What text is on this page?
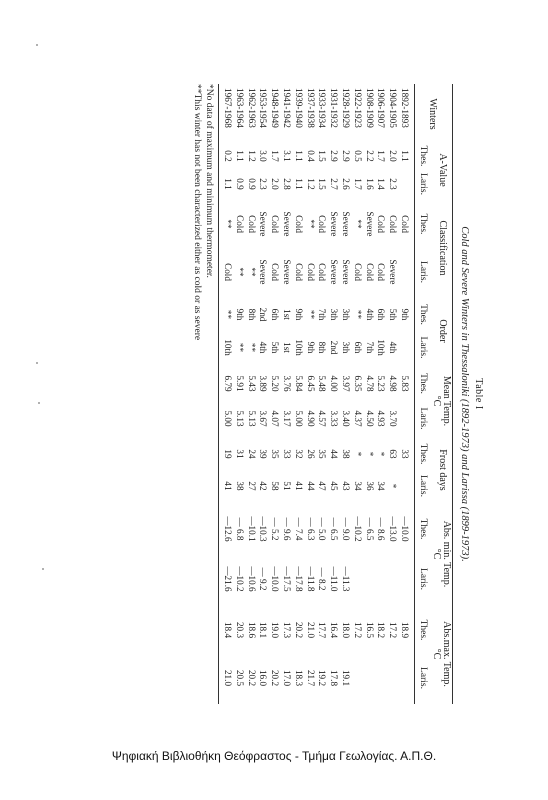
Table I
Cold and Severe Winters in Thessaloniki (1892-1973) and Larissa (1899-1973).
Winters
A-Value
Classification
Order
Mean Temp.
°C
Frost days
Abs. min. Temp.
°C
Abs.max. Temp.
°C
Thes.
Laris.
Thes.
Laris.
Thes.
Laris.
Thes.
Laris.
Thes.
Laris.
Thes.
Laris.
Thes.
Laris.
1892-1893
1.1
Cold
9th
5.83
33
—10.0
18.9
1904-1905
2.0
2.3
Cold
Severe
5th
4th
4.98
3.70
63
*
—13.0
17.2
1906-1907
1.7
1.4
Cold
Cold
6th
10th
5.23
4.93
*
34
— 8.6
18.2
1908-1909
2.2
1.6
Severe
Cold
4th
7th
4.78
4.50
*
36
— 6.5
16.5
1922-1923
0.5
1.7
**
Cold
**
6th
6.35
4.37
*
34
—10.2
17.2
1928-1929
2.9
2.6
Severe
Severe
3th
3th
3.97
3.40
38
43
— 9.0
—11.3
18.0
19.1
1931-1932
2.9
2.7
Severe
Severe
3th
2nd
4.00
3.33
44
45
— 6.5
—11.0
16.4
17.8
1933-1934
1.5
1.5
Cold
Cold
7th
8th
5.48
4.57
35
47
— 5.0
— 8.2
17.7
19.2
1937-1938
0.4
1.2
**
Cold
**
9th
6.45
4.90
26
44
— 6.3
—11.8
21.0
21.7
1939-1940
1.1
1.1
Cold
Cold
9th
10th
5.84
5.00
32
41
— 7.4
—17.8
20.2
18.3
1941-1942
3.1
2.8
Severe
Severe
1st
1st
3.76
3.17
33
51
— 9.6
—17.5
17.3
17.0
1948-1949
1.7
2.0
Cold
Cold
6th
5th
5.20
4.07
35
58
— 5.2
—10.0
19.0
20.2
1953-1954
3.0
2.3
Severe
Severe
2nd
4th
3.89
3.67
39
42
—10.3
— 9.2
18.1
16.0
1962-1963
1.2
0.9
Cold
**
8th
**
5.43
5.13
24
27
—10.1
—10.6
18.6
20.2
1963-1964
1.1
0.9
Cold
**
9th
**
5.91
5.13
31
38
— 6.8
—10.2
20.3
20.5
1967-1968
0.2
1.1
**
Cold
**
10th
6.79
5.00
19
41
—12.6
—21.6
18.4
21.0
*No data of maximum and minimum thermometer.
**This winter has not been characterized either as cold or as severe
Ψηφιακή Βιβλιοθήκη Θεόφραστος - Τμήμα Γεωλογίας. Α.Π.Θ.
